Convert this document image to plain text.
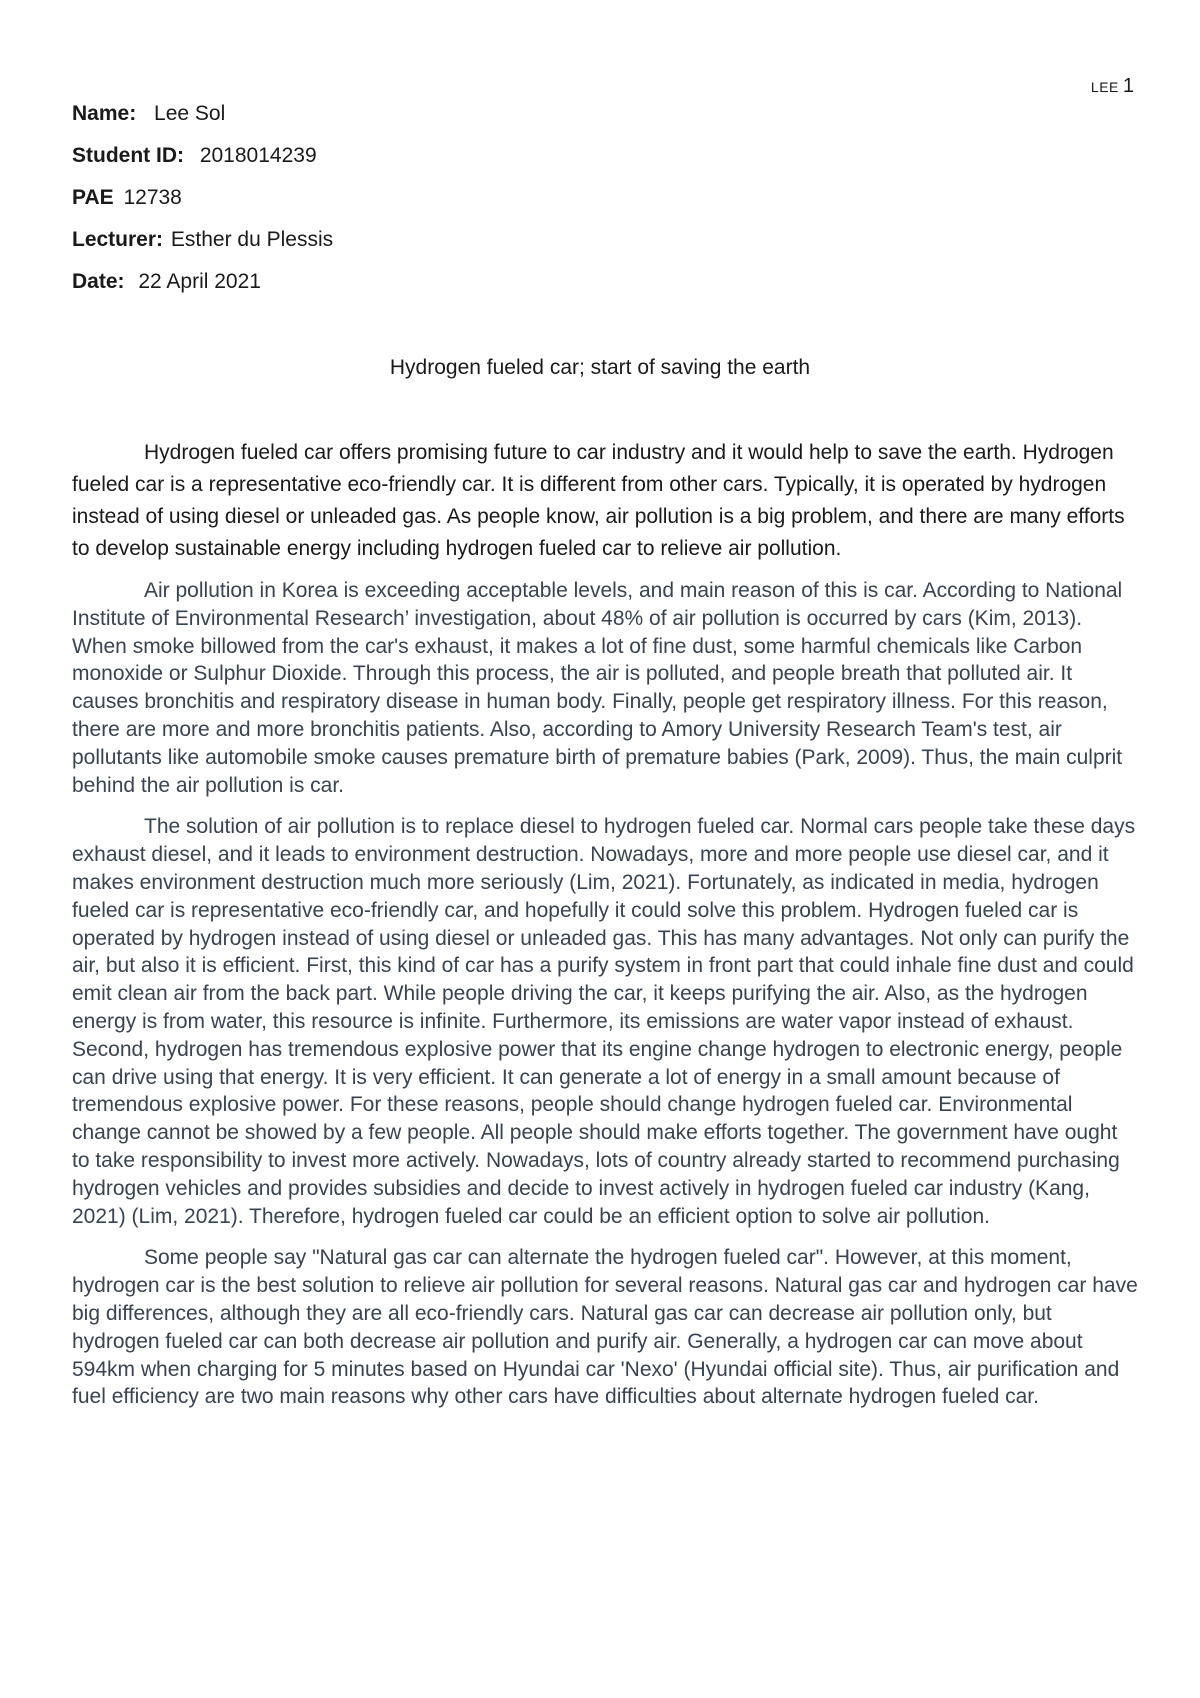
LEE 1
Name: Lee Sol
Student ID: 2018014239
PAE 12738
Lecturer: Esther du Plessis
Date: 22 April 2021
Hydrogen fueled car; start of saving the earth

Hydrogen fueled car offers promising future to car industry and it would help to save the earth. Hydrogen fueled car is a representative eco-friendly car. It is different from other cars. Typically, it is operated by hydrogen instead of using diesel or unleaded gas. As people know, air pollution is a big problem, and there are many efforts to develop sustainable energy including hydrogen fueled car to relieve air pollution.

Air pollution in Korea is exceeding acceptable levels, and main reason of this is car. According to National Institute of Environmental Research’ investigation, about 48% of air pollution is occurred by cars (Kim, 2013). When smoke billowed from the car's exhaust, it makes a lot of fine dust, some harmful chemicals like Carbon monoxide or Sulphur Dioxide. Through this process, the air is polluted, and people breath that polluted air. It causes bronchitis and respiratory disease in human body. Finally, people get respiratory illness. For this reason, there are more and more bronchitis patients. Also, according to Amory University Research Team's test, air pollutants like automobile smoke causes premature birth of premature babies (Park, 2009). Thus, the main culprit behind the air pollution is car.

The solution of air pollution is to replace diesel to hydrogen fueled car. Normal cars people take these days exhaust diesel, and it leads to environment destruction. Nowadays, more and more people use diesel car, and it makes environment destruction much more seriously (Lim, 2021). Fortunately, as indicated in media, hydrogen fueled car is representative eco-friendly car, and hopefully it could solve this problem. Hydrogen fueled car is operated by hydrogen instead of using diesel or unleaded gas. This has many advantages. Not only can purify the air, but also it is efficient. First, this kind of car has a purify system in front part that could inhale fine dust and could emit clean air from the back part. While people driving the car, it keeps purifying the air. Also, as the hydrogen energy is from water, this resource is infinite. Furthermore, its emissions are water vapor instead of exhaust. Second, hydrogen has tremendous explosive power that its engine change hydrogen to electronic energy, people can drive using that energy. It is very efficient. It can generate a lot of energy in a small amount because of tremendous explosive power. For these reasons, people should change hydrogen fueled car. Environmental change cannot be showed by a few people. All people should make efforts together. The government have ought to take responsibility to invest more actively. Nowadays, lots of country already started to recommend purchasing hydrogen vehicles and provides subsidies and decide to invest actively in hydrogen fueled car industry (Kang, 2021) (Lim, 2021). Therefore, hydrogen fueled car could be an efficient option to solve air pollution.

Some people say "Natural gas car can alternate the hydrogen fueled car". However, at this moment, hydrogen car is the best solution to relieve air pollution for several reasons. Natural gas car and hydrogen car have big differences, although they are all eco-friendly cars. Natural gas car can decrease air pollution only, but hydrogen fueled car can both decrease air pollution and purify air. Generally, a hydrogen car can move about 594km when charging for 5 minutes based on Hyundai car 'Nexo' (Hyundai official site). Thus, air purification and fuel efficiency are two main reasons why other cars have difficulties about alternate hydrogen fueled car.
